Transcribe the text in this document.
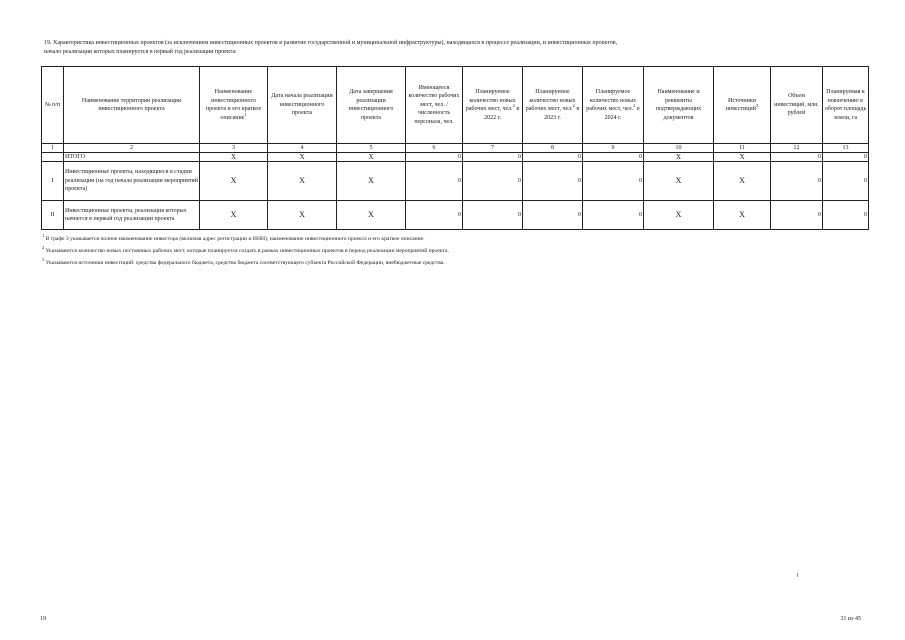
19. Характеристика инвестиционных проектов (за исключением инвестиционных проектов в развитие государственной и муниципальной инфраструктуры), находящихся в процессе реализации, и инвестиционных проектов,
начало реализации которых планируется в первый год реализации проекта:
№ п/п	Наименование территории реализации инвестиционного проекта	Наименование инвестиционного проекта и его краткое описание$^1$	Дата начала реализации инвестиционного проекта	Дата завершения реализации инвестиционного проекта	Имеющееся количество рабочих мест, чел. / численность персонала, чел.	Планируемое количество новых рабочих мест, чел.$^2$ в 2022 г.	Планируемое количество новых рабочих мест, чел.$^2$ в 2023 г.	Планируемое количество новых рабочих мест, чел.$^2$ в 2024 г.	Наименование и реквизиты подтверждающих документов	Источники инвестиций$^3$	Объем инвестиций, млн. рублей	Планируемая к вовлечению в оборот площадь земли, га
1	2	3	4	5	6	7	8	9	10	11	12	13
	ИТОГО	X	X	X	0	0	0	0	X	X	0	0
I	Инвестиционные проекты, находящиеся в стадии реализации (на год начала реализации мероприятий проекта)	X	X	X	0	0	0	0	X	X	0	0
II	Инвестиционные проекты, реализация которых начнется в первый год реализации проекта	X	X	X	0	0	0	0	X	X	0	0
$^1$ В графе 3 указывается полное наименование инвестора (включая адрес регистрации и ИНН), наименование инвестиционного проекта и его краткое описание.
$^2$ Указываются количество новых постоянных рабочих мест, которые планируется создать в рамках инвестиционных проектов в период реализации мероприятий проекта.
$^3$ Указываются источники инвестиций: средства федерального бюджета, средства бюджета соответствующего субъекта Российской Федерации, внебюджетные средства.
19	31 из 45
